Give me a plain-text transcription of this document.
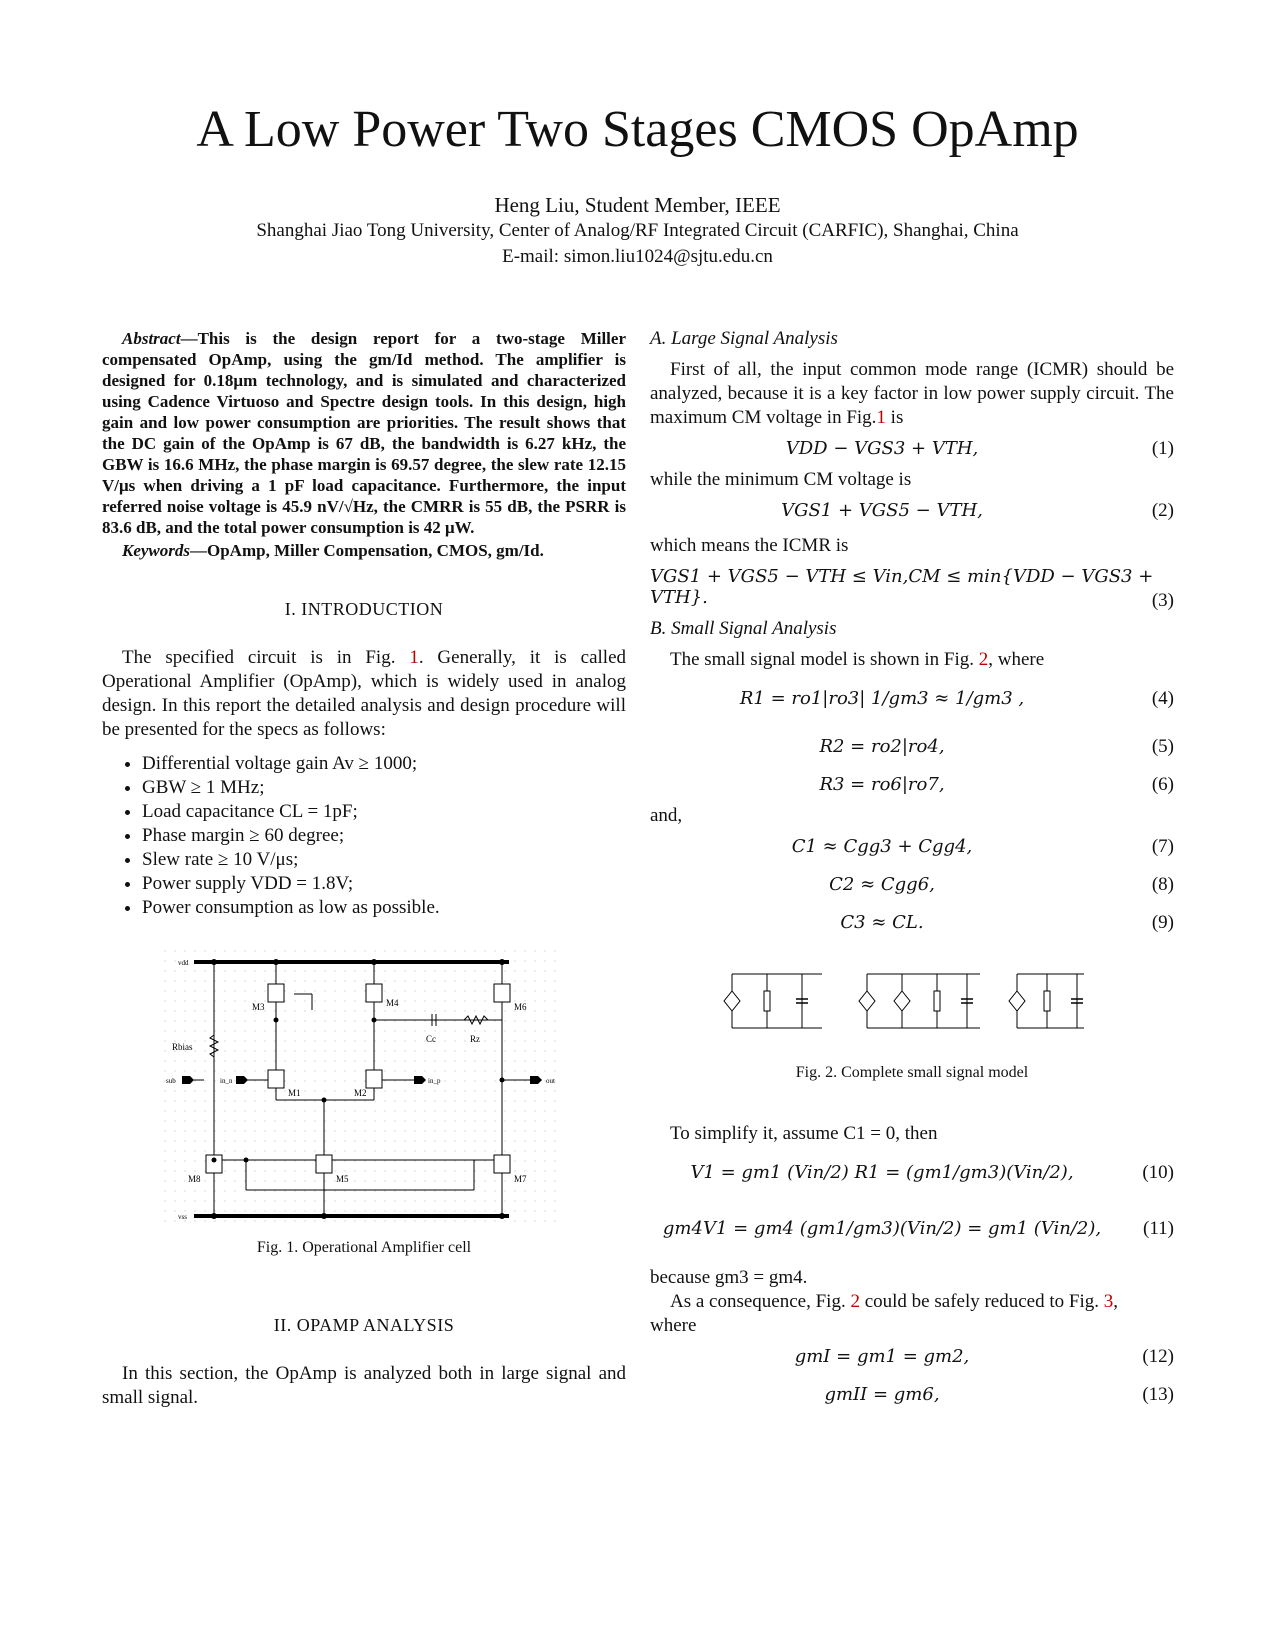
A Low Power Two Stages CMOS OpAmp
Heng Liu, Student Member, IEEE
Shanghai Jiao Tong University, Center of Analog/RF Integrated Circuit (CARFIC), Shanghai, China
E-mail: simon.liu1024@sjtu.edu.cn

Abstract—This is the design report for a two-stage Miller compensated OpAmp, using the gm/Id method. The amplifier is designed for 0.18μm technology, and is simulated and characterized using Cadence Virtuoso and Spectre design tools. In this design, high gain and low power consumption are priorities. The result shows that the DC gain of the OpAmp is 67 dB, the bandwidth is 6.27 kHz, the GBW is 16.6 MHz, the phase margin is 69.57 degree, the slew rate 12.15 V/μs when driving a 1 pF load capacitance. Furthermore, the input referred noise voltage is 45.9 nV/√Hz, the CMRR is 55 dB, the PSRR is 83.6 dB, and the total power consumption is 42 μW.

Keywords—OpAmp, Miller Compensation, CMOS, gm/Id.

I. INTRODUCTION

The specified circuit is in Fig. 1. Generally, it is called Operational Amplifier (OpAmp), which is widely used in analog design. In this report the detailed analysis and design procedure will be presented for the specs as follows:

• Differential voltage gain Av ≥ 1000;
• GBW ≥ 1 MHz;
• Load capacitance CL = 1pF;
• Phase margin ≥ 60 degree;
• Slew rate ≥ 10 V/μs;
• Power supply VDD = 1.8V;
• Power consumption as low as possible.
vdd
vss
Rbias
Cc	Rz
sub	in_n	in_p	out
M3	M4	M6
M1	M2
M8	M5	M7
Fig. 1. Operational Amplifier cell
II. OPAMP ANALYSIS

In this section, the OpAmp is analyzed both in large signal and small signal.

A. Large Signal Analysis

First of all, the input common mode range (ICMR) should be analyzed, because it is a key factor in low power supply circuit. The maximum CM voltage in Fig.1 is

VDD − VGS3 + VTH,	(1)

while the minimum CM voltage is

VGS1 + VGS5 − VTH,	(2)

which means the ICMR is

VGS1 + VGS5 − VTH ≤ Vin,CM ≤ min{VDD − VGS3 + VTH}.	(3)
B. Small Signal Analysis

The small signal model is shown in Fig. 2, where

R1 = ro1|ro3| 1/gm3 ≈ 1/gm3 ,	(4)
R2 = ro2|ro4,	(5)
R3 = ro6|ro7,	(6)

and,

C1 ≈ Cgg3 + Cgg4,	(7)
C2 ≈ Cgg6,	(8)
C3 ≈ CL.	(9)
Fig. 2. Complete small signal model

To simplify it, assume C1 = 0, then

V1 = gm1 (Vin/2) R1 = (gm1/gm3)(Vin/2),	(10)
gm4V1 = gm4 (gm1/gm3)(Vin/2) = gm1 (Vin/2),	(11)

because gm3 = gm4.

As a consequence, Fig. 2 could be safely reduced to Fig. 3,

where

gmI = gm1 = gm2,	(12)
gmII = gm6,	(13)
